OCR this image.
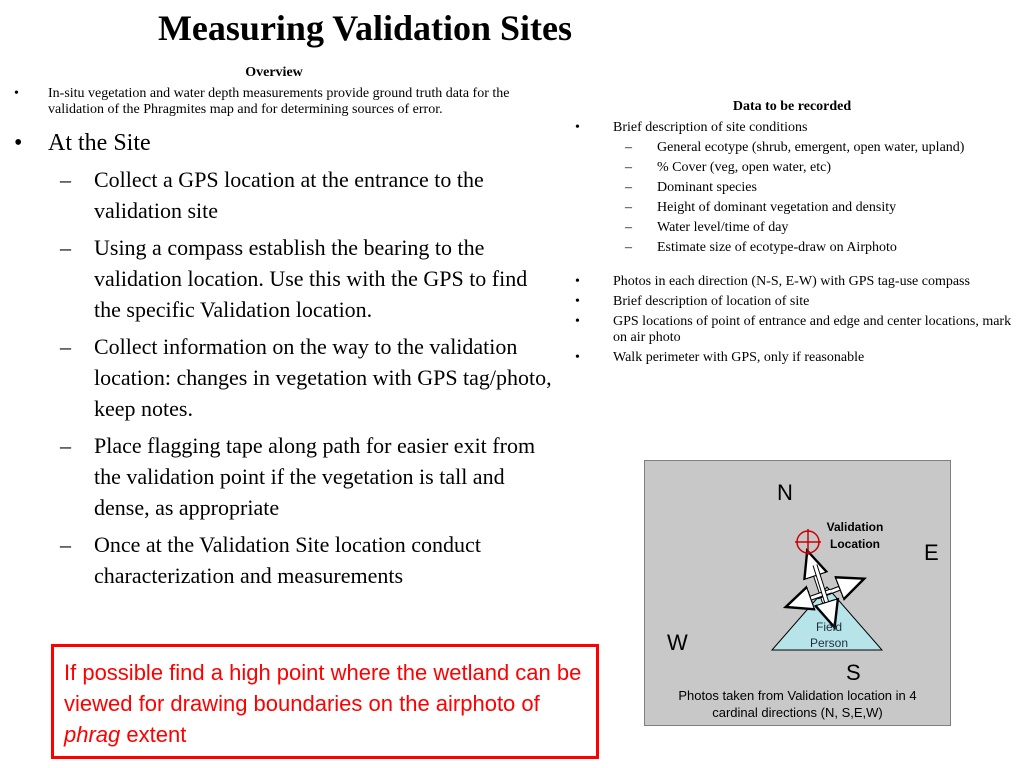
Measuring Validation Sites
Overview
• In-situ vegetation and water depth measurements provide ground truth data for the validation of the Phragmites map and for determining sources of error.
• At the Site
– Collect a GPS location at the entrance to the validation site
– Using a compass establish the bearing to the validation location. Use this with the GPS to find the specific Validation location.
– Collect information on the way to the validation location: changes in vegetation with GPS tag/photo, keep notes.
– Place flagging tape along path for easier exit from the validation point if the vegetation is tall and dense, as appropriate
– Once at the Validation Site location conduct characterization and measurements
Data to be recorded
• Brief description of site conditions
– General ecotype (shrub, emergent, open water, upland)
– % Cover (veg, open water, etc)
– Dominant species
– Height of dominant vegetation and density
– Water level/time of day
– Estimate size of ecotype-draw on Airphoto
• Photos in each direction (N-S, E-W) with GPS tag-use compass
• Brief description of location of site
• GPS locations of point of entrance and edge and center locations, mark on air photo
• Walk perimeter with GPS, only if reasonable
If possible find a high point where the wetland can be viewed for drawing boundaries on the airphoto of phrag extent
N
E
S
W
Validation Location
Field Person
Photos taken from Validation location in 4 cardinal directions (N, S,E,W)
